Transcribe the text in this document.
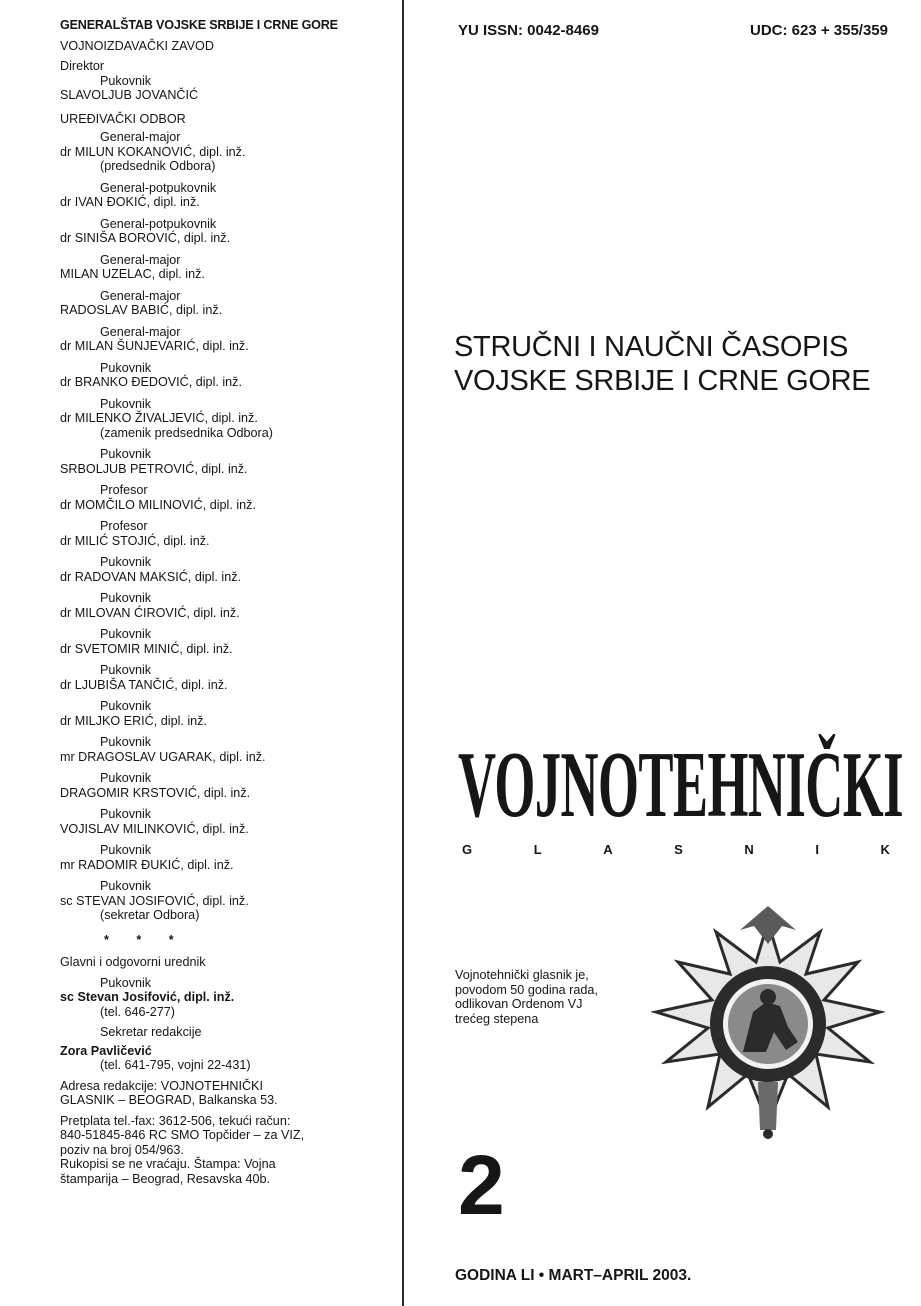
GENERALŠTAB VOJSKE SRBIJE I CRNE GORE
VOJNOIZDAVAČKI ZAVOD
Direktor
Pukovnik
SLAVOLJUB JOVANČIĆ
UREĐIVAČKI ODBOR
General-major
dr MILUN KOKANOVIĆ, dipl. inž.
(predsednik Odbora)
General-potpukovnik
dr IVAN ĐOKIĆ, dipl. inž.
General-potpukovnik
dr SINIŠA BOROVIĆ, dipl. inž.
General-major
MILAN UZELAC, dipl. inž.
General-major
RADOSLAV BABIĆ, dipl. inž.
General-major
dr MILAN ŠUNJEVARIĆ, dipl. inž.
Pukovnik
dr BRANKO ĐEDOVIĆ, dipl. inž.
Pukovnik
dr MILENKO ŽIVALJEVIĆ, dipl. inž.
(zamenik predsednika Odbora)
Pukovnik
SRBOLJUB PETROVIĆ, dipl. inž.
Profesor
dr MOMČILO MILINOVIĆ, dipl. inž.
Profesor
dr MILIĆ STOJIĆ, dipl. inž.
Pukovnik
dr RADOVAN MAKSIĆ, dipl. inž.
Pukovnik
dr MILOVAN ĆIROVIĆ, dipl. inž.
Pukovnik
dr SVETOMIR MINIĆ, dipl. inž.
Pukovnik
dr LJUBIŠA TANČIĆ, dipl. inž.
Pukovnik
dr MILJKO ERIĆ, dipl. inž.
Pukovnik
mr DRAGOSLAV UGARAK, dipl. inž.
Pukovnik
DRAGOMIR KRSTOVIĆ, dipl. inž.
Pukovnik
VOJISLAV MILINKOVIĆ, dipl. inž.
Pukovnik
mr RADOMIR ĐUKIĆ, dipl. inž.
Pukovnik
sc STEVAN JOSIFOVIĆ, dipl. inž.
(sekretar Odbora)
* * *
Glavni i odgovorni urednik
Pukovnik
sc Stevan Josifović, dipl. inž.
(tel. 646-277)
Sekretar redakcije
Zora Pavličević
(tel. 641-795, vojni 22-431)
Adresa redakcije: VOJNOTEHNIČKI
GLASNIK – BEOGRAD, Balkanska 53.
Pretplata tel.-fax: 3612-506, tekući račun:
840-51845-846 RC SMO Topčider – za VIZ,
poziv na broj 054/963.
Rukopisi se ne vraćaju. Štampa: Vojna
štamparija – Beograd, Resavska 40b.
YU ISSN: 0042-8469	UDC: 623 + 355/359
STRUČNI I NAUČNI ČASOPIS
VOJSKE SRBIJE I CRNE GORE
VOJNOTEHNIČKI
G	L	A	S	N	I	K
Vojnotehnički glasnik je,
povodom 50 godina rada,
odlikovan Ordenom VJ
trećeg stepena
2
GODINA LI • MART–APRIL 2003.
